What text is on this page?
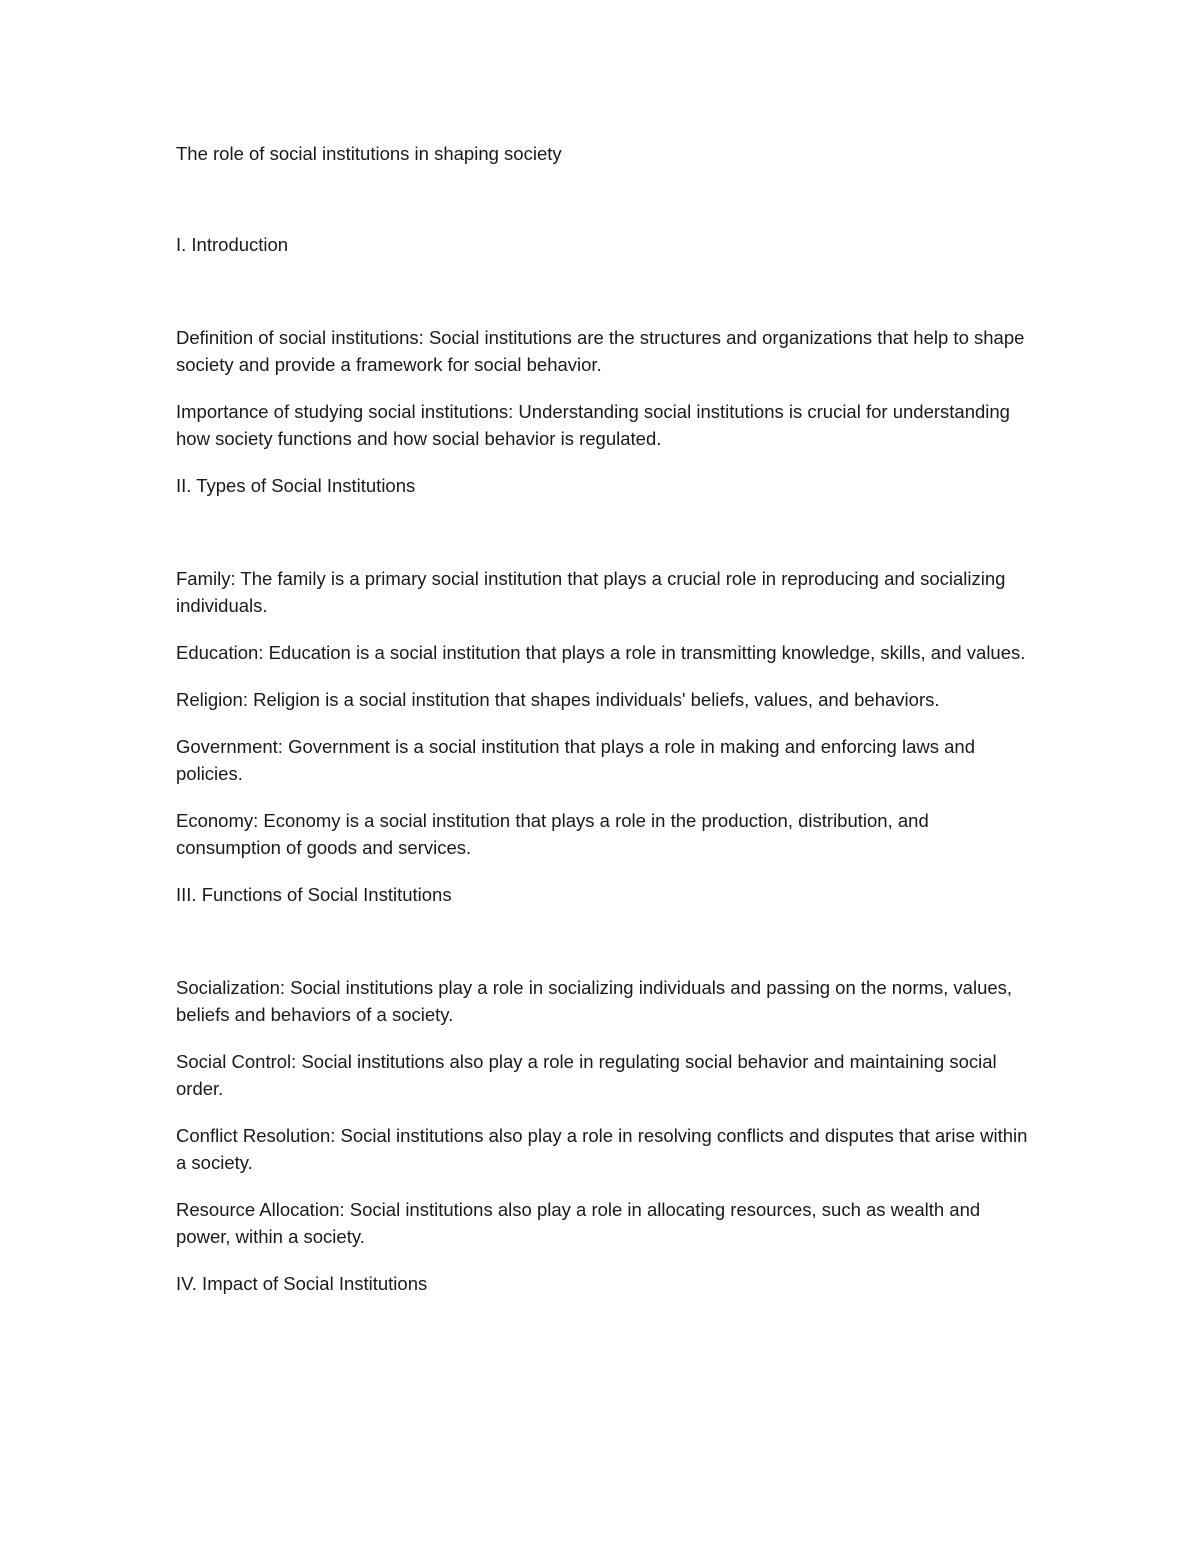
The role of social institutions in shaping society

I. Introduction

Definition of social institutions: Social institutions are the structures and organizations that help to shape society and provide a framework for social behavior.

Importance of studying social institutions: Understanding social institutions is crucial for understanding how society functions and how social behavior is regulated.

II. Types of Social Institutions

Family: The family is a primary social institution that plays a crucial role in reproducing and socializing individuals.

Education: Education is a social institution that plays a role in transmitting knowledge, skills, and values.

Religion: Religion is a social institution that shapes individuals' beliefs, values, and behaviors.

Government: Government is a social institution that plays a role in making and enforcing laws and policies.

Economy: Economy is a social institution that plays a role in the production, distribution, and consumption of goods and services.

III. Functions of Social Institutions

Socialization: Social institutions play a role in socializing individuals and passing on the norms, values, beliefs and behaviors of a society.

Social Control: Social institutions also play a role in regulating social behavior and maintaining social order.

Conflict Resolution: Social institutions also play a role in resolving conflicts and disputes that arise within a society.

Resource Allocation: Social institutions also play a role in allocating resources, such as wealth and power, within a society.

IV. Impact of Social Institutions
